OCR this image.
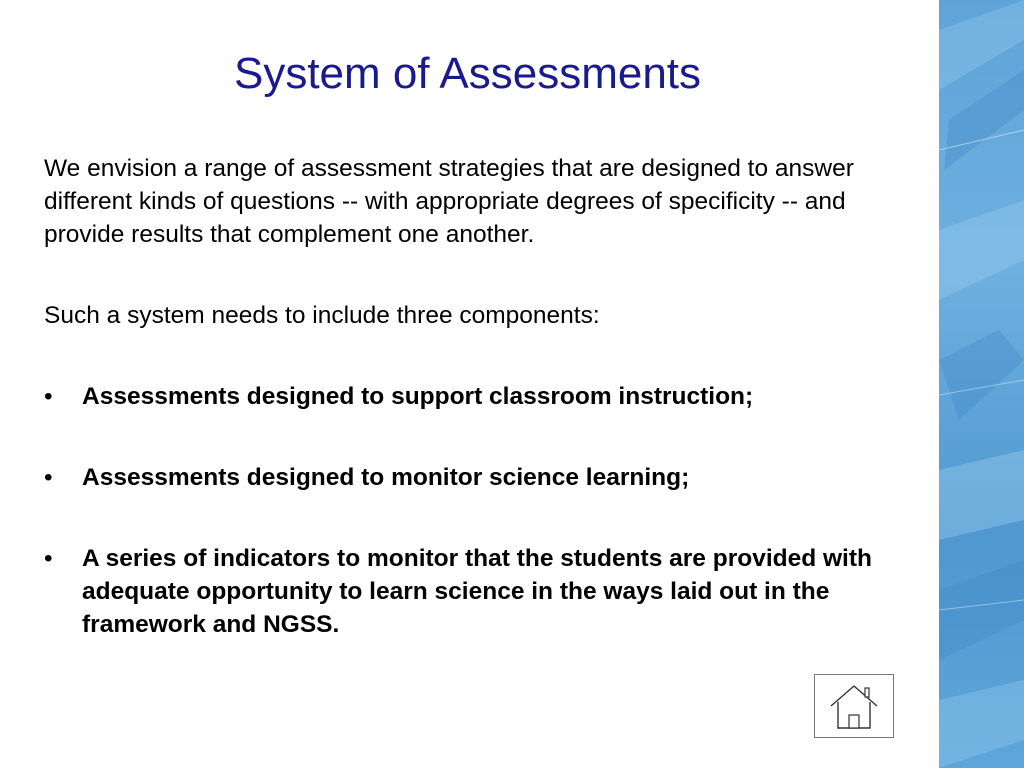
System of Assessments

We envision a range of assessment strategies that are designed to answer different kinds of questions -- with appropriate degrees of specificity -- and provide results that complement one another.

Such a system needs to include three components:

•	Assessments designed to support classroom instruction;
•	Assessments designed to monitor science learning;
•	A series of indicators to monitor that the students are provided with adequate opportunity to learn science in the ways laid out in the framework and NGSS.
